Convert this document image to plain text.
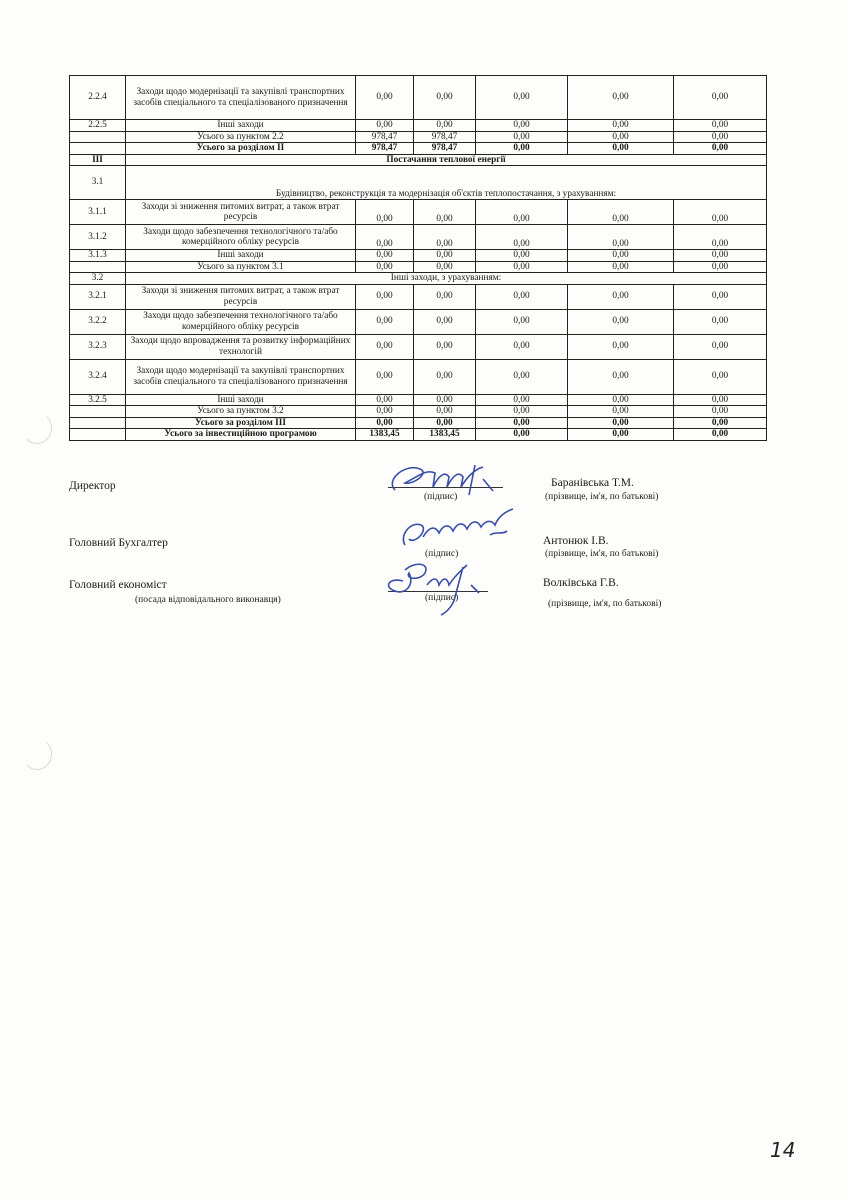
2.2.4	Заходи щодо модернізації та закупівлі транспортних засобів спеціального та спеціалізованого призначення	0,00	0,00	0,00	0,00	0,00
2.2.5	Інші заходи	0,00	0,00	0,00	0,00	0,00
	Усього за пунктом 2.2	978,47	978,47	0,00	0,00	0,00
	Усього за розділом ІІ	978,47	978,47	0,00	0,00	0,00
III	Постачання теплової енергії					
3.1	Будівництво, реконструкція та модернізація об'єктів теплопостачання, з урахуванням:					
3.1.1	Заходи зі зниження питомих витрат, а також втрат ресурсів	0,00	0,00	0,00	0,00	0,00
3.1.2	Заходи щодо забезпечення технологічного та/або комерційного обліку ресурсів	0,00	0,00	0,00	0,00	0,00
3.1.3	Інші заходи	0,00	0,00	0,00	0,00	0,00
	Усього за пунктом 3.1	0,00	0,00	0,00	0,00	0,00
3.2	Інші заходи, з урахуванням:					
3.2.1	Заходи зі зниження питомих витрат, а також втрат ресурсів	0,00	0,00	0,00	0,00	0,00
3.2.2	Заходи щодо забезпечення технологічного та/або комерційного обліку ресурсів	0,00	0,00	0,00	0,00	0,00
3.2.3	Заходи щодо впровадження та розвитку інформаційних технологій	0,00	0,00	0,00	0,00	0,00
3.2.4	Заходи щодо модернізації та закупівлі транспортних засобів спеціального та спеціалізованого призначення	0,00	0,00	0,00	0,00	0,00
3.2.5	Інші заходи	0,00	0,00	0,00	0,00	0,00
	Усього за пунктом 3.2	0,00	0,00	0,00	0,00	0,00
	Усього за розділом ІІІ	0,00	0,00	0,00	0,00	0,00
	Усього за інвестиційною програмою	1383,45	1383,45	0,00	0,00	0,00
Директор
(підпис)
Баранівська Т.М.
(прізвище, ім'я, по батькові)
Головний Бухгалтер
(підпис)
Антонюк І.В.
(прізвище, ім'я, по батькові)
Головний економіст
(посада відповідального виконавця)	(підпис)
Волківська Г.В.
(прізвище, ім'я, по батькові)
14
